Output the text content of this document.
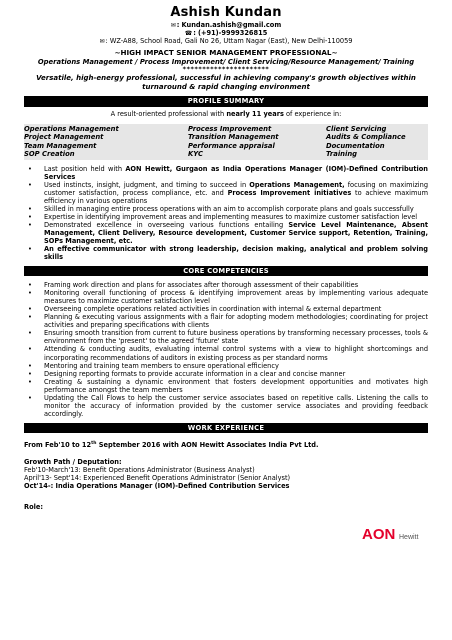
Ashish Kundan
✉: Kundan.ashish@gmail.com
☎: (+91)-9999326815
✉: WZ-A88, School Road, Gali No 26, Uttam Nagar (East), New Delhi-110059
~HIGH IMPACT SENIOR MANAGEMENT PROFESSIONAL~
Operations Management / Process Improvement/ Client Servicing/Resource Management/ Training
**********************
Versatile, high-energy professional, successful in achieving company's growth objectives within
turnaround & rapid changing environment
PROFILE SUMMARY
A result-oriented professional with nearly 11 years of experience in:
Operations Management	Process Improvement	Client Servicing
Project Management	Transition Management	Audits & Compliance
Team Management	Performance appraisal	Documentation
SOP Creation	KYC	Training
• Last position held with AON Hewitt, Gurgaon as India Operations Manager (IOM)-Defined Contribution Services
• Used instincts, insight, judgment, and timing to succeed in Operations Management, focusing on maximizing customer satisfaction, process compliance, etc. and Process Improvement initiatives to achieve maximum efficiency in various operations
• Skilled in managing entire process operations with an aim to accomplish corporate plans and goals successfully
• Expertise in identifying improvement areas and implementing measures to maximize customer satisfaction level
• Demonstrated excellence in overseeing various functions entailing Service Level Maintenance, Absent Management, Client Delivery, Resource development, Customer Service support, Retention, Training, SOPs Management, etc.
• An effective communicator with strong leadership, decision making, analytical and problem solving skills
CORE COMPETENCIES
• Framing work direction and plans for associates after thorough assessment of their capabilities
• Monitoring overall functioning of process & identifying improvement areas by implementing various adequate measures to maximize customer satisfaction level
• Overseeing complete operations related activities in coordination with internal & external department
• Planning & executing various assignments with a flair for adopting modern methodologies; coordinating for project activities and preparing specifications with clients
• Ensuring smooth transition from current to future business operations by transforming necessary processes, tools & environment from the 'present' to the agreed 'future' state
• Attending & conducting audits, evaluating internal control systems with a view to highlight shortcomings and incorporating recommendations of auditors in existing process as per standard norms
• Mentoring and training team members to ensure operational efficiency
• Designing reporting formats to provide accurate information in a clear and concise manner
• Creating & sustaining a dynamic environment that fosters development opportunities and motivates high performance amongst the team members
• Updating the Call Flows to help the customer service associates based on repetitive calls. Listening the calls to monitor the accuracy of information provided by the customer service associates and providing feedback accordingly.
WORK EXPERIENCE
From Feb'10 to 12th September 2016 with AON Hewitt Associates India Pvt Ltd.
AON Hewitt
Growth Path / Deputation:
Feb'10-March'13: Benefit Operations Administrator (Business Analyst)
April'13- Sept'14: Experienced Benefit Operations Administrator (Senior Analyst)
Oct'14-: India Operations Manager (IOM)-Defined Contribution Services
Role:
